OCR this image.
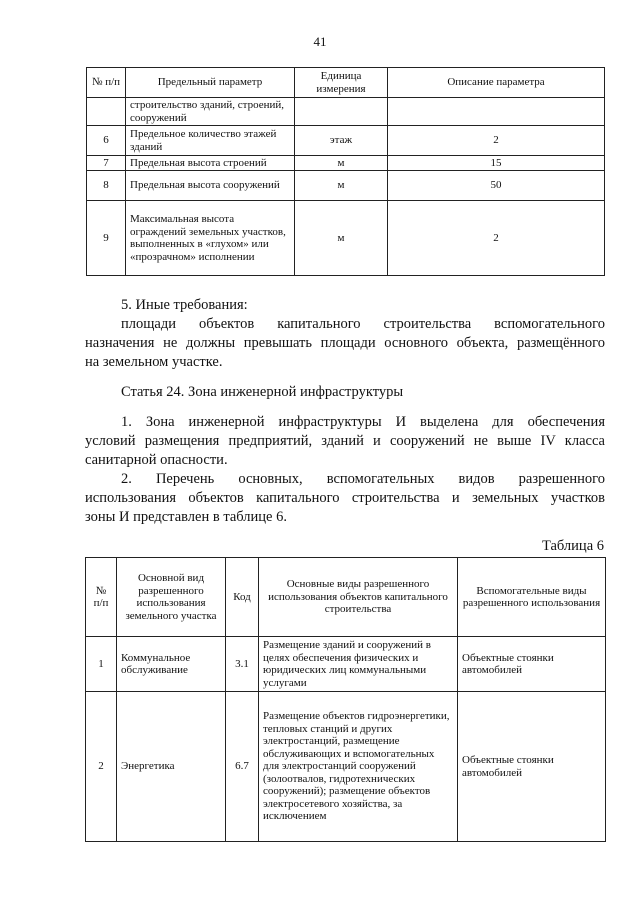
41
№ п/п	Предельный параметр	Единица измерения	Описание параметра
	строительство зданий, строений, сооружений		
6	Предельное количество этажей зданий	этаж	2
7	Предельная высота строений	м	15
8	Предельная высота сооружений	м	50
9	Максимальная высота ограждений земельных участков, выполненных в «глухом» или «прозрачном» исполнении	м	2
5. Иные требования:
площади объектов капитального строительства вспомогательного
назначения не должны превышать площади основного объекта, размещённого
на земельном участке.
Статья 24. Зона инженерной инфраструктуры
1. Зона инженерной инфраструктуры И выделена для обеспечения
условий размещения предприятий, зданий и сооружений не выше IV класса
санитарной опасности.
2. Перечень основных, вспомогательных видов разрешенного
использования объектов капитального строительства и земельных участков
зоны И представлен в таблице 6.
Таблица 6
№ п/п	Основной вид разрешенного использования земельного участка	Код	Основные виды разрешенного использования объектов капитального строительства	Вспомогательные виды разрешенного использования
1	Коммунальное обслуживание	3.1	Размещение зданий и сооружений в целях обеспечения физических и юридических лиц коммунальными услугами	Объектные стоянки автомобилей
2	Энергетика	6.7	Размещение объектов гидроэнергетики, тепловых станций и других электростанций, размещение обслуживающих и вспомогательных для электростанций сооружений (золоотвалов, гидротехнических сооружений); размещение объектов электросетевого хозяйства, за исключением	Объектные стоянки автомобилей
